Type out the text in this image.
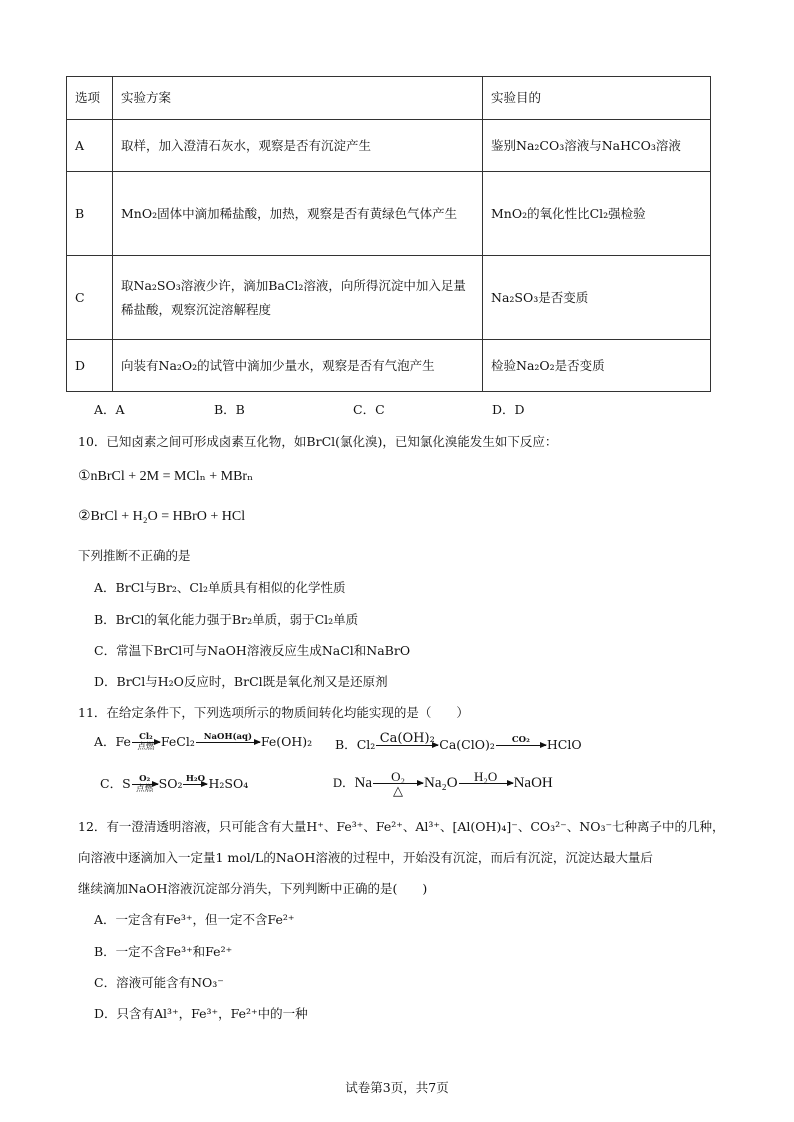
选项	实验方案	实验目的
A	取样，加入澄清石灰水，观察是否有沉淀产生	鉴别Na₂CO₃溶液与NaHCO₃溶液
B	MnO₂固体中滴加稀盐酸，加热，观察是否有黄绿色气体产生	MnO₂的氧化性比Cl₂强检验
C	取Na₂SO₃溶液少许，滴加BaCl₂溶液，向所得沉淀中加入足量稀盐酸，观察沉淀溶解程度	Na₂SO₃是否变质
D	向装有Na₂O₂的试管中滴加少量水，观察是否有气泡产生	检验Na₂O₂是否变质
A．A	B．B	C．C	D．D
10．已知卤素之间可形成卤素互化物，如BrCl(氯化溴)，已知氯化溴能发生如下反应：
①nBrCl + 2M = MClₙ + MBrₙ
②BrCl + H₂O = HBrO + HCl
下列推断不正确的是
A．BrCl与Br₂、Cl₂单质具有相似的化学性质
B．BrCl的氧化能力强于Br₂单质，弱于Cl₂单质
C．常温下BrCl可与NaOH溶液反应生成NaCl和NaBrO
D．BrCl与H₂O反应时，BrCl既是氧化剂又是还原剂
11．在给定条件下，下列选项所示的物质间转化均能实现的是（　　）
A．Fe Cl₂
点燃 FeCl₂	NaOH(aq)
Fe(OH)₂ B．Cl₂ Ca(OH)₂
Ca(ClO)₂	CO₂
	HClO
C．S O₂
点燃 SO₂ H₂O
H₂SO₄	D．Na	O₂
△	Na₂O	H₂O
	NaOH
12．有一澄清透明溶液，只可能含有大量H⁺、Fe³⁺、Fe²⁺、Al³⁺、[Al(OH)₄]⁻、CO₃²⁻、NO₃⁻七种离子中的几种，
向溶液中逐滴加入一定量1 mol/L的NaOH溶液的过程中，开始没有沉淀，而后有沉淀，沉淀达最大量后
继续滴加NaOH溶液沉淀部分消失，下列判断中正确的是(　　)
A．一定含有Fe³⁺，但一定不含Fe²⁺
B．一定不含Fe³⁺和Fe²⁺
C．溶液可能含有NO₃⁻
D．只含有Al³⁺，Fe³⁺，Fe²⁺中的一种
试卷第3页，共7页
